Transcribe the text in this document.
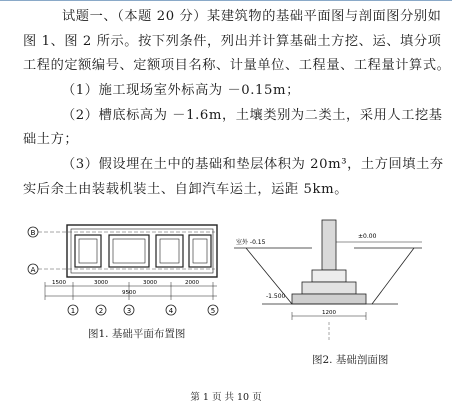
试题一、（本题 20 分）某建筑物的基础平面图与剖面图分别如
图 1、图 2 所示。按下列条件，列出并计算基础土方挖、运、填分项
工程的定额编号、定额项目名称、计量单位、工程量、工程量计算式。
（1）施工现场室外标高为 －0.15m；
（2）槽底标高为 －1.6m，土壤类别为二类土，采用人工挖基
础土方；
（3）假设埋在土中的基础和垫层体积为 20m³，土方回填土夯
实后余土由装载机装土、自卸汽车运土，运距 5km。
B
A
1500	3000	3000	2000
9500
1	2	3	4	5
图1. 基础平面布置图
室外 -0.15
±0.00
-1.500
1200
图2. 基础剖面图
第 1 页 共 10 页
